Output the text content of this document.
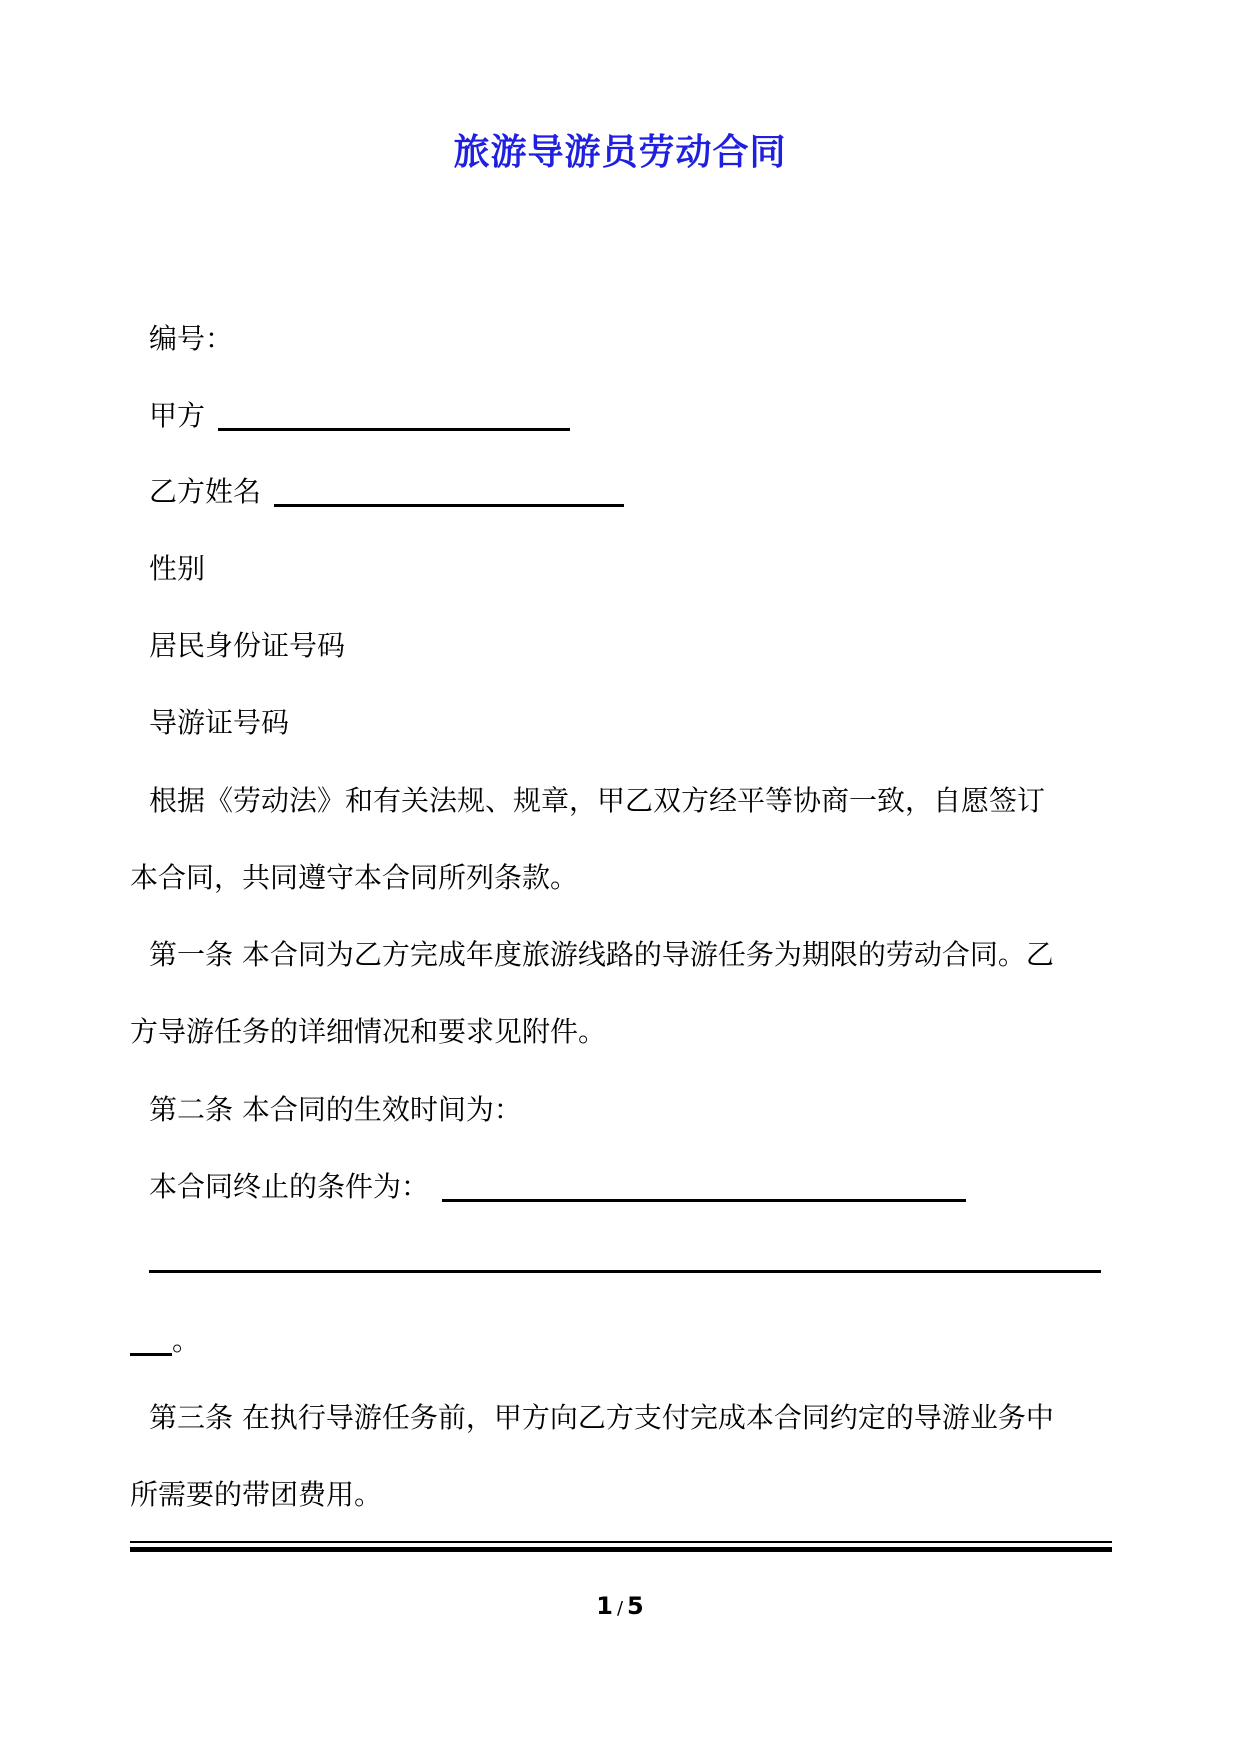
旅游导游员劳动合同
编号：
甲方
乙方姓名
性别
居民身份证号码
导游证号码
根据《劳动法》和有关法规、规章，甲乙双方经平等协商一致，自愿签订
本合同，共同遵守本合同所列条款。
第一条 本合同为乙方完成年度旅游线路的导游任务为期限的劳动合同。乙
方导游任务的详细情况和要求见附件。
第二条 本合同的生效时间为：
本合同终止的条件为：
。
第三条 在执行导游任务前，甲方向乙方支付完成本合同约定的导游业务中
所需要的带团费用。
1 / 5
